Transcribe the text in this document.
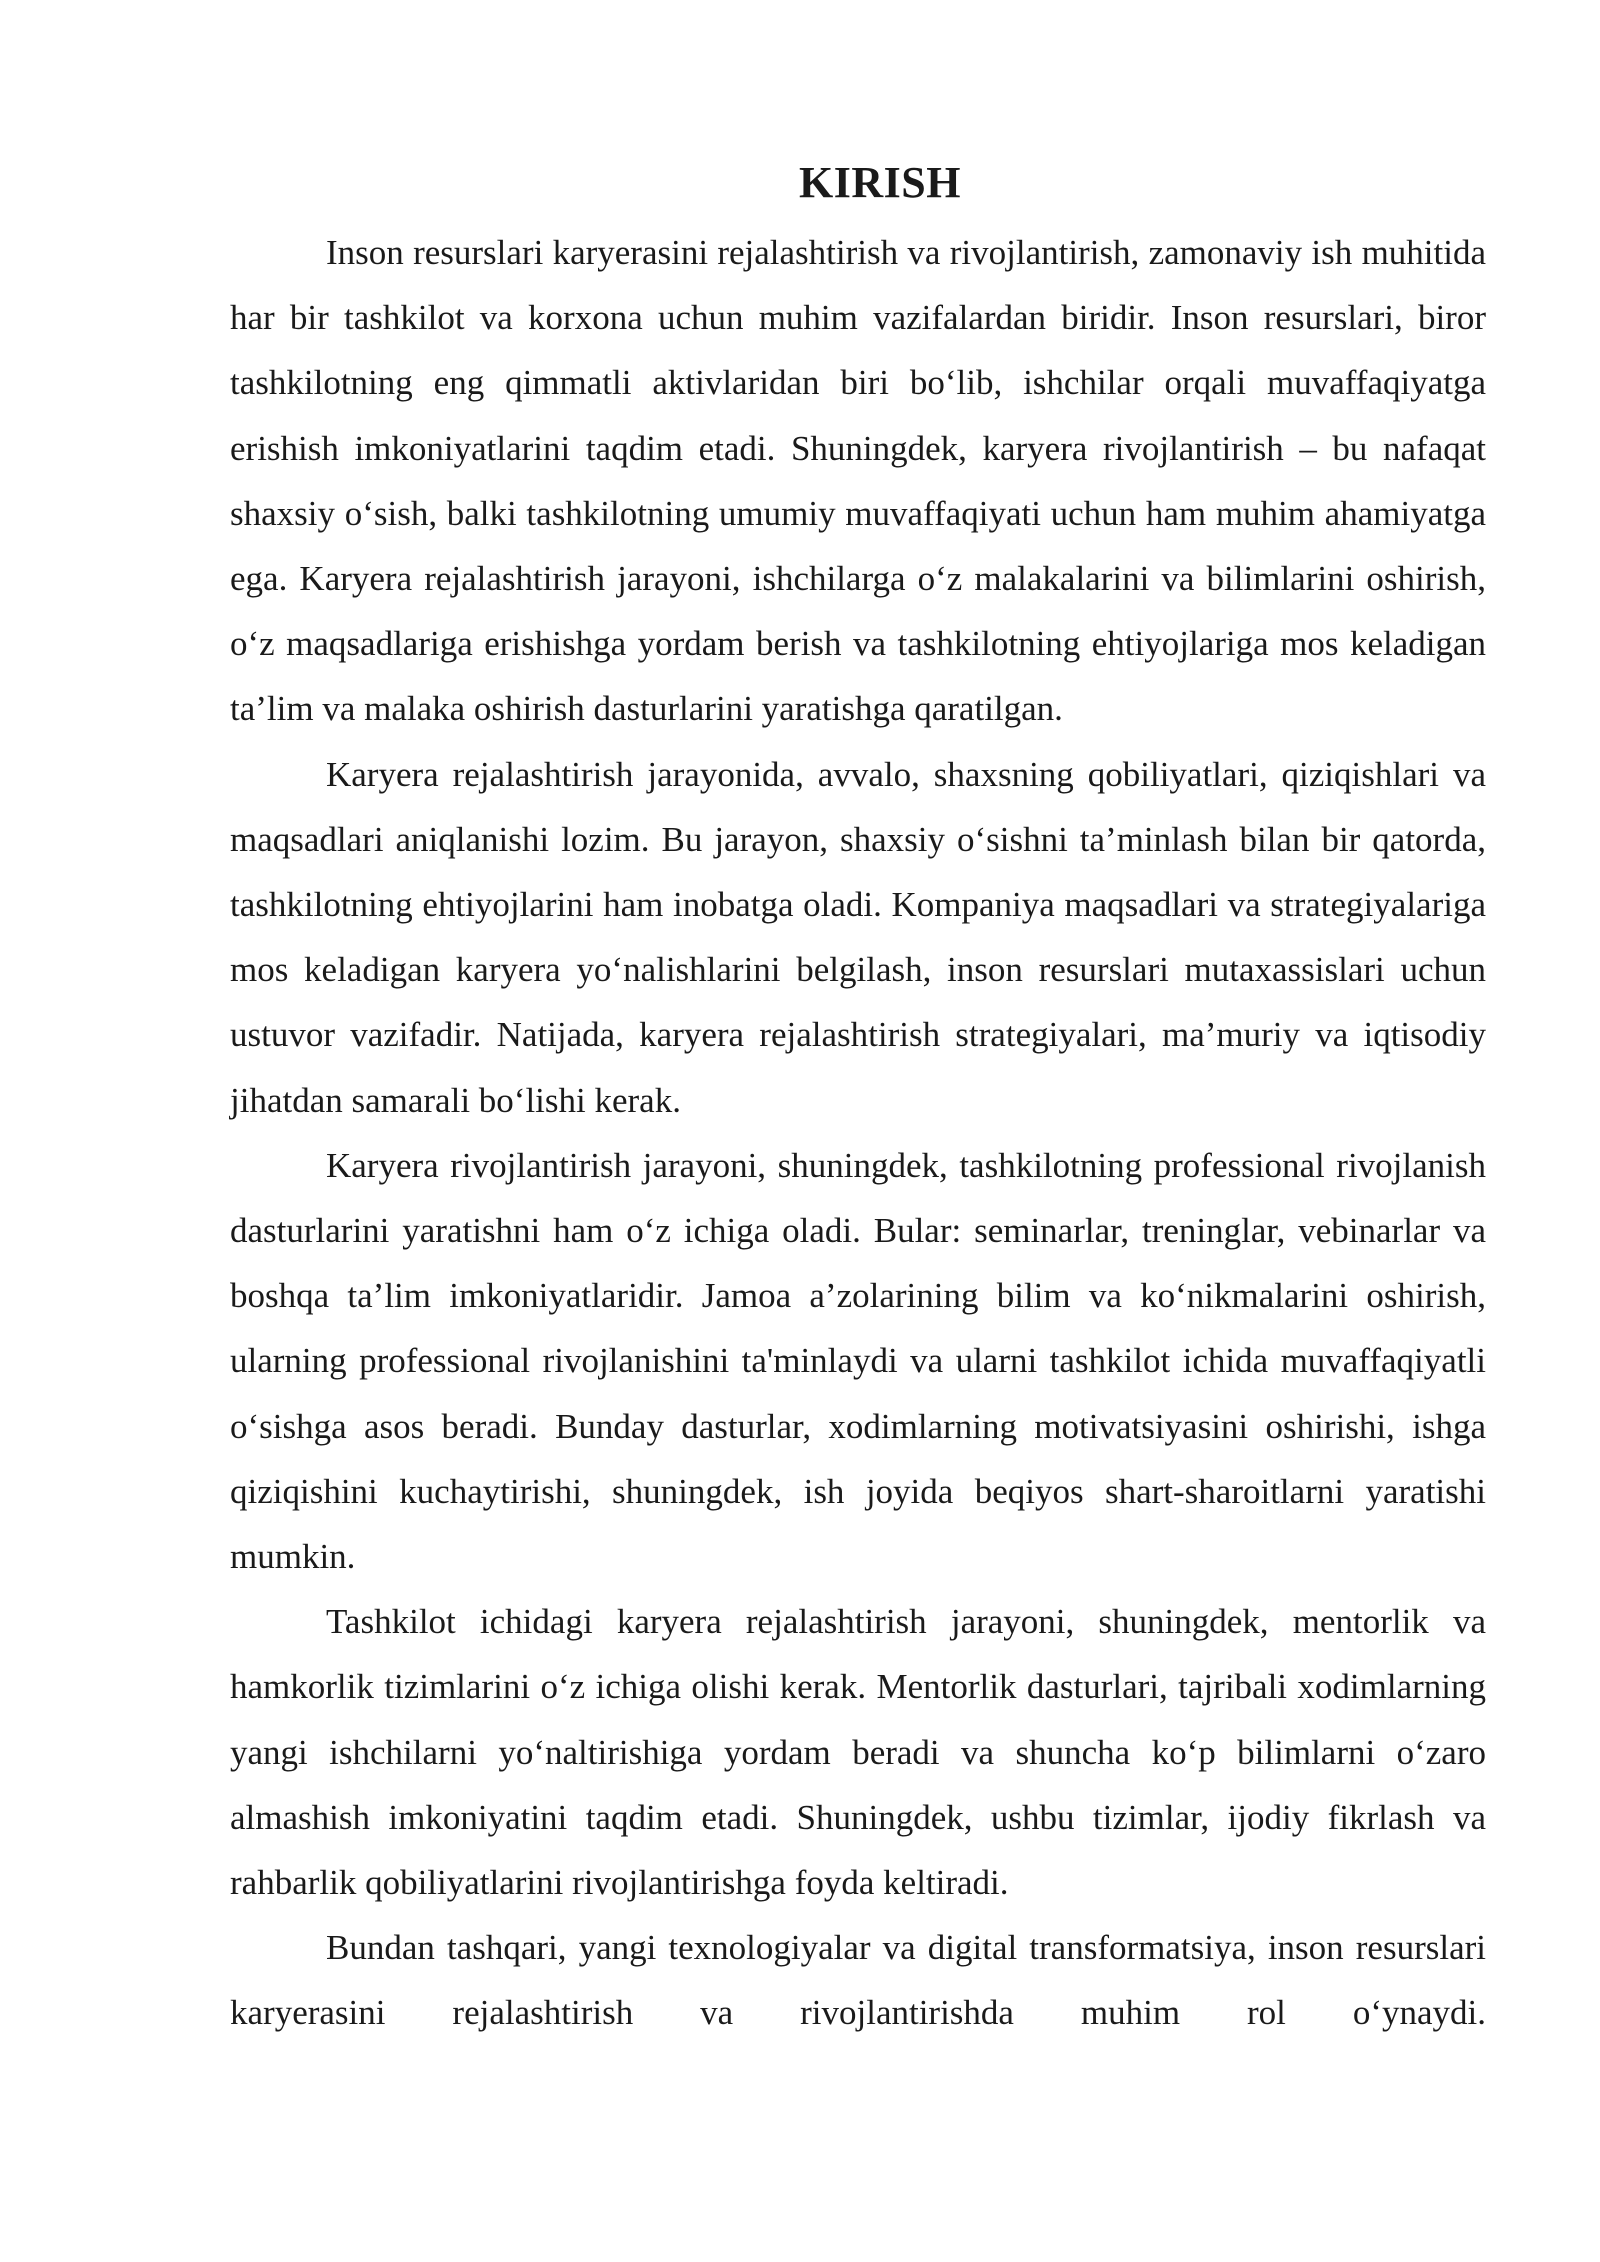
KIRISH

Inson resurslari karyerasini rejalashtirish va rivojlantirish, zamonaviy ish muhitida har bir tashkilot va korxona uchun muhim vazifalardan biridir. Inson resurslari, biror tashkilotning eng qimmatli aktivlaridan biri bo‘lib, ishchilar orqali muvaffaqiyatga erishish imkoniyatlarini taqdim etadi. Shuningdek, karyera rivojlantirish – bu nafaqat shaxsiy o‘sish, balki tashkilotning umumiy muvaffaqiyati uchun ham muhim ahamiyatga ega. Karyera rejalashtirish jarayoni, ishchilarga o‘z malakalarini va bilimlarini oshirish, o‘z maqsadlariga erishishga yordam berish va tashkilotning ehtiyojlariga mos keladigan ta’lim va malaka oshirish dasturlarini yaratishga qaratilgan.

Karyera rejalashtirish jarayonida, avvalo, shaxsning qobiliyatlari, qiziqishlari va maqsadlari aniqlanishi lozim. Bu jarayon, shaxsiy o‘sishni ta’minlash bilan bir qatorda, tashkilotning ehtiyojlarini ham inobatga oladi. Kompaniya maqsadlari va strategiyalariga mos keladigan karyera yo‘nalishlarini belgilash, inson resurslari mutaxassislari uchun ustuvor vazifadir. Natijada, karyera rejalashtirish strategiyalari, ma’muriy va iqtisodiy jihatdan samarali bo‘lishi kerak.

Karyera rivojlantirish jarayoni, shuningdek, tashkilotning professional rivojlanish dasturlarini yaratishni ham o‘z ichiga oladi. Bular: seminarlar, treninglar, vebinarlar va boshqa ta’lim imkoniyatlaridir. Jamoa a’zolarining bilim va ko‘nikmalarini oshirish, ularning professional rivojlanishini ta'minlaydi va ularni tashkilot ichida muvaffaqiyatli o‘sishga asos beradi. Bunday dasturlar, xodimlarning motivatsiyasini oshirishi, ishga qiziqishini kuchaytirishi, shuningdek, ish joyida beqiyos shart-sharoitlarni yaratishi mumkin.

Tashkilot ichidagi karyera rejalashtirish jarayoni, shuningdek, mentorlik va hamkorlik tizimlarini o‘z ichiga olishi kerak. Mentorlik dasturlari, tajribali xodimlarning yangi ishchilarni yo‘naltirishiga yordam beradi va shuncha ko‘p bilimlarni o‘zaro almashish imkoniyatini taqdim etadi. Shuningdek, ushbu tizimlar, ijodiy fikrlash va rahbarlik qobiliyatlarini rivojlantirishga foyda keltiradi.

Bundan tashqari, yangi texnologiyalar va digital transformatsiya, inson resurslari karyerasini rejalashtirish va rivojlantirishda muhim rol o‘ynaydi.
